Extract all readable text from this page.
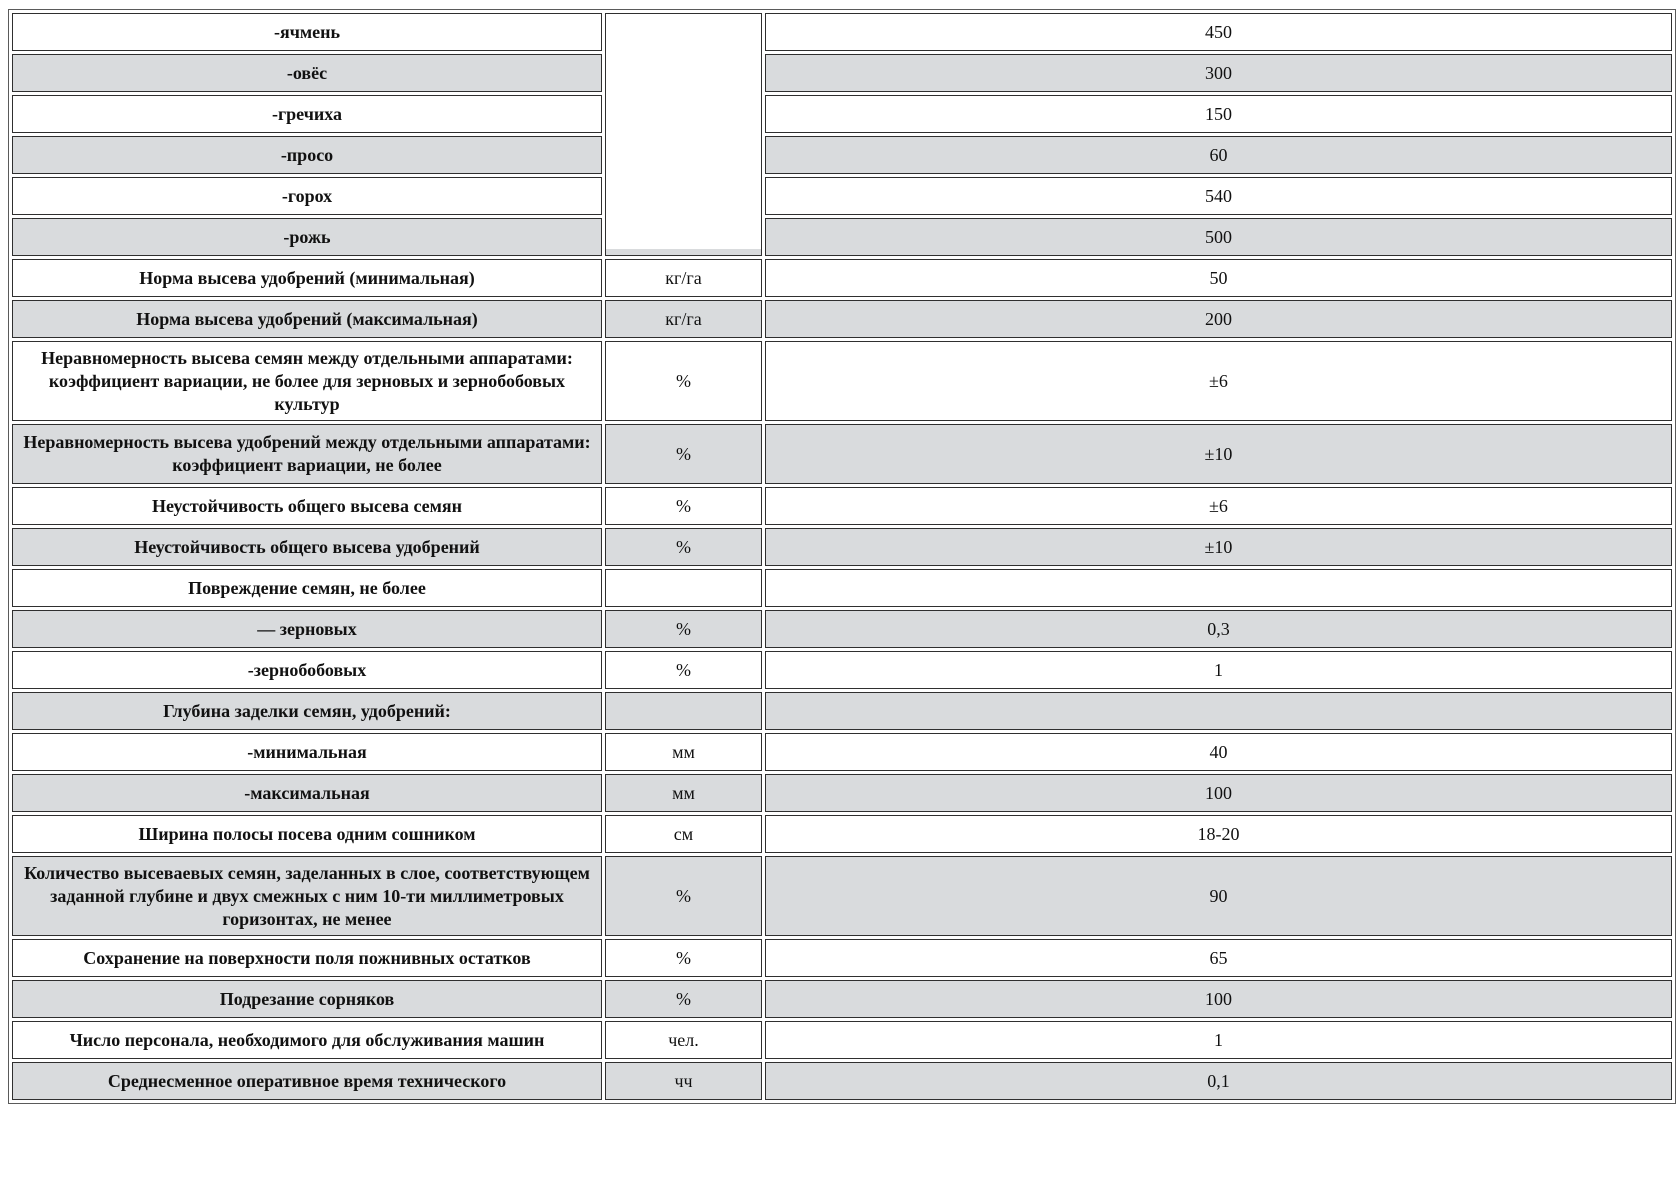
-ячмень		450
-овёс		300
-гречиха		150
-просо		60
-горох		540
-рожь		500
Норма высева удобрений (минимальная)	кг/га	50
Норма высева удобрений (максимальная)	кг/га	200
Неравномерность высева семян между отдельными аппаратами: коэффициент вариации, не более для зерновых и зернобобовых культур	%	±6
Неравномерность высева удобрений между отдельными аппаратами: коэффициент вариации, не более	%	±10
Неустойчивость общего высева семян	%	±6
Неустойчивость общего высева удобрений	%	±10
Повреждение семян, не более		
— зерновых	%	0,3
-зернобобовых	%	1
Глубина заделки семян, удобрений:		
-минимальная	мм	40
-максимальная	мм	100
Ширина полосы посева одним сошником	см	18-20
Количество высеваевых семян, заделанных в слое, соответствующем заданной глубине и двух смежных с ним 10-ти миллиметровых горизонтах, не менее	%	90
Сохранение на поверхности поля пожнивных остатков	%	65
Подрезание сорняков	%	100
Число персонала, необходимого для обслуживания машин	чел.	1
Среднесменное оперативное время технического	чч	0,1
